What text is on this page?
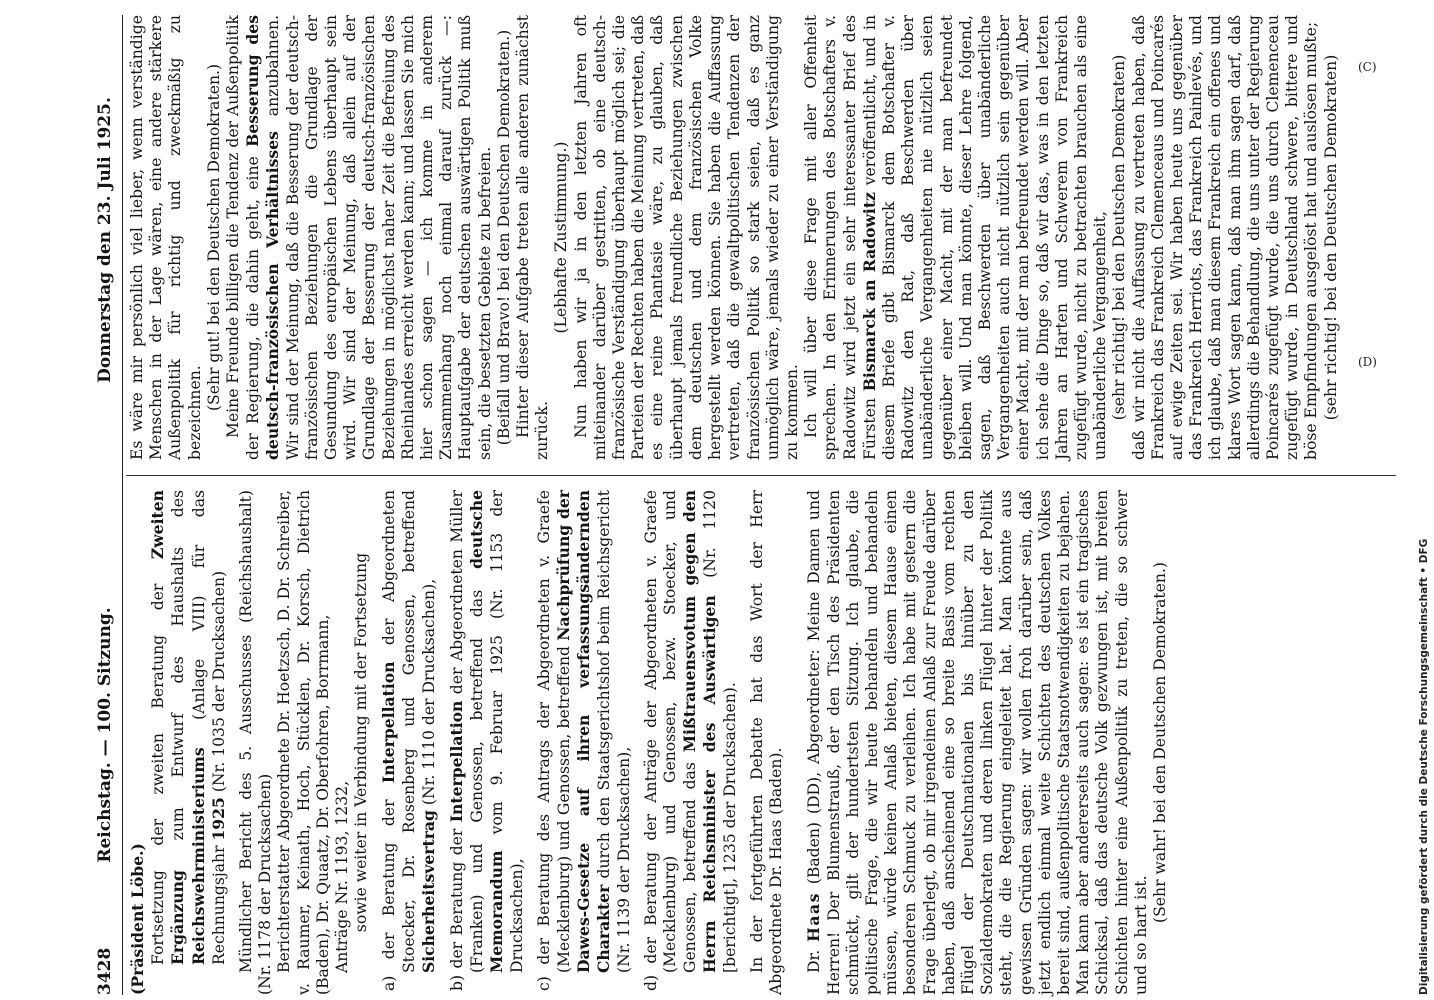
(C)
(D)
3428
Reichstag. — 100. Sitzung.
Donnerstag den 23. Juli 1925.

(Präsident Löbe.) Fortsetzung der zweiten Beratung der Zweiten Ergänzung zum Entwurf des Haushalts des Reichswehrministeriums (Anlage VIII) für das Rechnungsjahr 1925 (Nr. 1035 der Drucksachen) Mündlicher Bericht des 5. Ausschusses (Reichshaushalt) (Nr. 1178 der Drucksachen) Berichterstatter Abgeordnete Dr. Hoetzsch, D. Dr. Schreiber, v. Raumer, Keinath, Hoch, Stücklen, Dr. Korsch, Dietrich (Baden), Dr. Quaatz, Dr. Oberfohren, Borrmann, Anträge Nr. 1193, 1232, sowie weiter in Verbindung mit der Fortsetzung a) der Beratung der Interpellation der Abgeordneten Stoecker, Dr. Rosenberg und Genossen, betreffend Sicherheitsvertrag (Nr. 1110 der Drucksachen),

b) der Beratung der Interpellation der Abgeordneten Müller (Franken) und Genossen, betreffend das deutsche Memorandum vom 9. Februar 1925 (Nr. 1153 der Drucksachen), c) der Beratung des Antrags der Abgeordneten v. Graefe (Mecklenburg) und Genossen, betreffend Nachprüfung der Dawes-Gesetze auf ihren verfassungsändernden Charakter durch den Staatsgerichtshof beim Reichsgericht (Nr. 1139 der Drucksachen), d) der Beratung der Anträge der Abgeordneten v. Graefe (Mecklenburg) und Genossen, bezw. Stoecker, und Genossen, betreffend das Mißtrauensvotum gegen den Herrn Reichsminister des Auswärtigen (Nr. 1120 [berichtigt], 1235 der Drucksachen). In der fortgeführten Debatte hat das Wort der Herr Abgeordnete Dr. Haas (Baden). Dr. Haas (Baden) (DD), Abgeordneter: Meine Damen und Herren! Der Blumenstrauß, der den Tisch des Präsidenten schmückt, gilt der hundertsten Sitzung. Ich glaube, die politische Frage, die wir heute behandeln und behandeln müssen, würde keinen Anlaß bieten, diesem Hause einen besonderen Schmuck zu verleihen. Ich habe mit gestern die Frage überlegt, ob mir irgendeinen Anlaß zur Freude darüber haben, daß anscheinend eine so breite Basis vom rechten Flügel der Deutschnationalen bis hinüber zu den Sozialdemokraten und deren linken Flügel hinter der Politik steht, die die Regierung eingeleitet hat. Man könnte aus gewissen Gründen sagen: wir wollen froh darüber sein, daß jetzt endlich einmal weite Schichten des deutschen Volkes bereit sind, außenpolitische Staatsnotwendigkeiten zu bejahen. Man kann aber andererseits auch sagen: es ist ein tragisches Schicksal, daß das deutsche Volk gezwungen ist, mit breiten Schichten hinter eine Außenpolitik zu treten, die so schwer und so hart ist.

(Sehr wahr! bei den Deutschen Demokraten.)

Es wäre mir persönlich viel lieber, wenn verständige Menschen in der Lage wären, eine andere stärkere Außenpolitik für richtig und zweckmäßig zu bezeichnen.

(Sehr gut! bei den Deutschen Demokraten.) Meine Freunde billigen die Tendenz der Außenpolitik der Regierung, die dahin geht, eine Besserung des deutsch-französischen Verhältnisses anzubahnen. Wir sind der Meinung, daß die Besserung der deutsch-französischen Beziehungen die Grundlage der Gesundung des europäischen Lebens überhaupt sein wird. Wir sind der Meinung, daß allein auf der Grundlage der Besserung der deutsch-französischen Beziehungen in möglichst naher Zeit die Befreiung des Rheinlandes erreicht werden kann; und lassen Sie mich hier schon sagen — ich komme in anderem Zusammenhang noch einmal darauf zurück —: Hauptaufgabe der deutschen auswärtigen Politik muß sein, die besetzten Gebiete zu befreien. (Beifall und Bravo! bei den Deutschen Demokraten.) Hinter dieser Aufgabe treten alle anderen zunächst zurück.

(Lebhafte Zustimmung.) Nun haben wir ja in den letzten Jahren oft miteinander darüber gestritten, ob eine deutsch-französische Verständigung überhaupt möglich sei; die Parteien der Rechten haben die Meinung vertreten, daß es eine reine Phantasie wäre, zu glauben, daß überhaupt jemals freundliche Beziehungen zwischen dem deutschen und dem französischen Volke hergestellt werden können. Sie haben die Auffassung vertreten, daß die gewaltpolitischen Tendenzen der französischen Politik so stark seien, daß es ganz unmöglich wäre, jemals wieder zu einer Verständigung zu kommen. Ich will über diese Frage mit aller Offenheit sprechen. In den Erinnerungen des Botschafters v. Radowitz wird jetzt ein sehr interessanter Brief des Fürsten Bismarck an Radowitz veröffentlicht, und in diesem Briefe gibt Bismarck dem Botschafter v. Radowitz den Rat, daß Beschwerden über unabänderliche Vergangenheiten nie nützlich seien gegenüber einer Macht, mit der man befreundet bleiben will. Und man könnte, dieser Lehre folgend, sagen, daß Beschwerden über unabänderliche Vergangenheiten auch nicht nützlich sein gegenüber einer Macht, mit der man befreundet werden will. Aber ich sehe die Dinge so, daß wir das, was in den letzten Jahren an Harten und Schwerem von Frankreich zugefügt wurde, nicht zu betrachten brauchen als eine unabänderliche Vergangenheit, (sehr richtig! bei den Deutschen Demokraten) daß wir nicht die Auffassung zu vertreten haben, daß Frankreich das Frankreich Clemenceaus und Poincarés auf ewige Zeiten sei. Wir haben heute uns gegenüber das Frankreich Herriots, das Frankreich Painlevés, und ich glaube, daß man diesem Frankreich ein offenes und klares Wort sagen kann, daß man ihm sagen darf, daß allerdings die Behandlung, die uns unter der Regierung Poincarés zugefügt wurde, die uns durch Clemenceau zugefügt wurde, in Deutschland schwere, bittere und böse Empfindungen ausgelöst hat und auslösen mußte; (sehr richtig! bei den Deutschen Demokraten)

Digitalisierung gefördert durch die Deutsche Forschungsgemeinschaft • DFG
